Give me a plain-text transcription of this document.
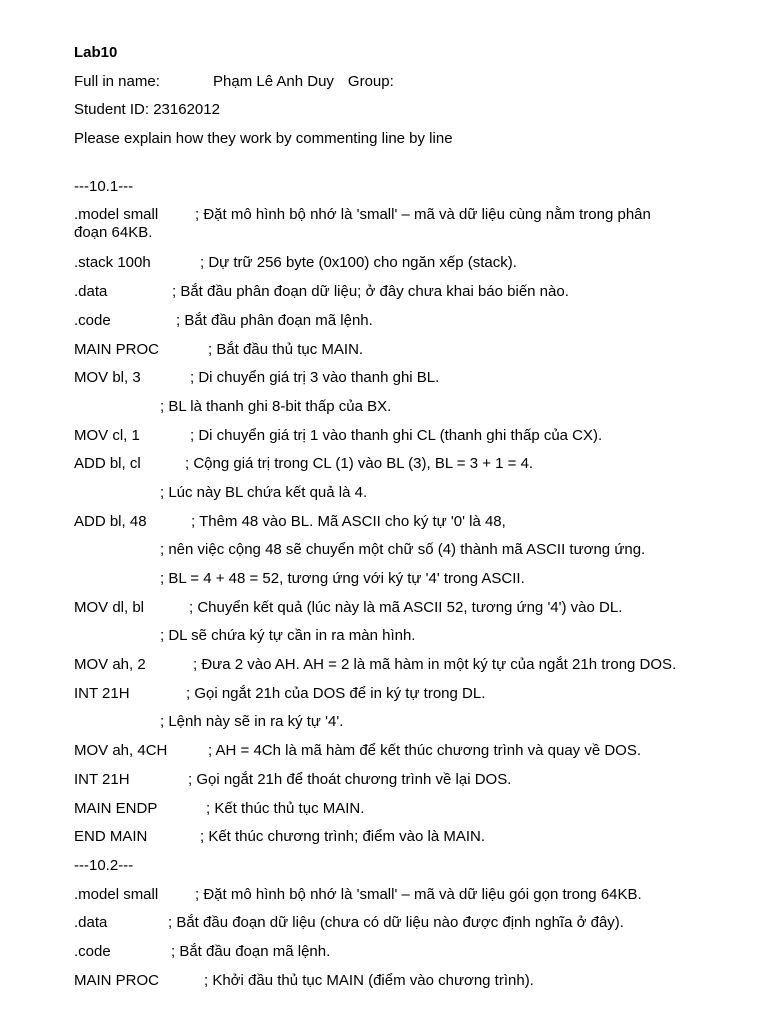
Lab10
Full in name:	Phạm Lê Anh Duy Group:
Student ID: 23162012
Please explain how they work by commenting line by line
---10.1---
.model small	; Đặt mô hình bộ nhớ là 'small' – mã và dữ liệu cùng nằm trong phân
đoạn 64KB.
.stack 100h	; Dự trữ 256 byte (0x100) cho ngăn xếp (stack).
.data	; Bắt đầu phân đoạn dữ liệu; ở đây chưa khai báo biến nào.
.code	; Bắt đầu phân đoạn mã lệnh.
MAIN PROC	; Bắt đầu thủ tục MAIN.
MOV bl, 3	; Di chuyển giá trị 3 vào thanh ghi BL.
; BL là thanh ghi 8-bit thấp của BX.
MOV cl, 1	; Di chuyển giá trị 1 vào thanh ghi CL (thanh ghi thấp của CX).
ADD bl, cl	; Cộng giá trị trong CL (1) vào BL (3), BL = 3 + 1 = 4.
; Lúc này BL chứa kết quả là 4.
ADD bl, 48	; Thêm 48 vào BL. Mã ASCII cho ký tự '0' là 48,
; nên việc cộng 48 sẽ chuyển một chữ số (4) thành mã ASCII tương ứng.
; BL = 4 + 48 = 52, tương ứng với ký tự '4' trong ASCII.
MOV dl, bl	; Chuyển kết quả (lúc này là mã ASCII 52, tương ứng '4') vào DL.
; DL sẽ chứa ký tự cần in ra màn hình.
MOV ah, 2	; Đưa 2 vào AH. AH = 2 là mã hàm in một ký tự của ngắt 21h trong DOS.
INT 21H	; Gọi ngắt 21h của DOS để in ký tự trong DL.
; Lệnh này sẽ in ra ký tự '4'.
MOV ah, 4CH	; AH = 4Ch là mã hàm để kết thúc chương trình và quay về DOS.
INT 21H	; Gọi ngắt 21h để thoát chương trình về lại DOS.
MAIN ENDP	; Kết thúc thủ tục MAIN.
END MAIN	; Kết thúc chương trình; điểm vào là MAIN.
---10.2---
.model small	; Đặt mô hình bộ nhớ là 'small' – mã và dữ liệu gói gọn trong 64KB.
.data	; Bắt đầu đoạn dữ liệu (chưa có dữ liệu nào được định nghĩa ở đây).
.code	; Bắt đầu đoạn mã lệnh.
MAIN PROC	; Khởi đầu thủ tục MAIN (điểm vào chương trình).
